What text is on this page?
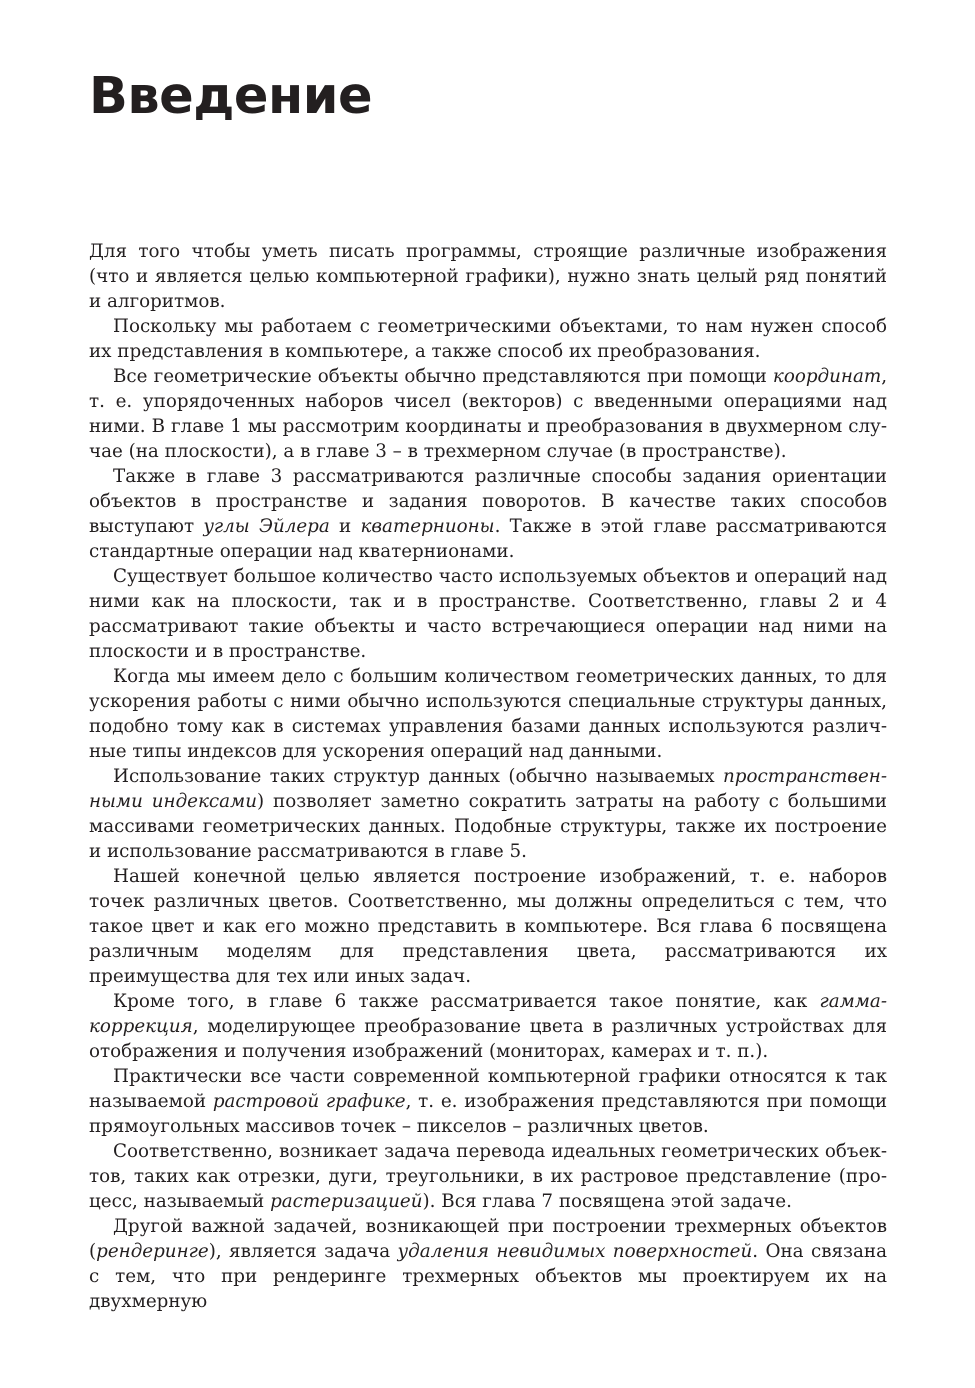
Введение

Для того чтобы уметь писать программы, строящие различные изображения (что и является целью компьютерной графики), нужно знать целый ряд понятий и алгоритмов.

Поскольку мы работаем с геометрическими объектами, то нам нужен способ их представления в компьютере, а также способ их преобразования.

Все геометрические объекты обычно представляются при помощи координат, т. е. упорядоченных наборов чисел (векторов) с введенными операциями над ними. В главе 1 мы рассмотрим координаты и преобразования в двухмерном случае (на плоскости), а в главе 3 – в трехмерном случае (в пространстве).

Также в главе 3 рассматриваются различные способы задания ориентации объектов в пространстве и задания поворотов. В качестве таких способов выступают углы Эйлера и кватернионы. Также в этой главе рассматриваются стандартные операции над кватернионами.

Существует большое количество часто используемых объектов и операций над ними как на плоскости, так и в пространстве. Соответственно, главы 2 и 4 рассматривают такие объекты и часто встречающиеся операции над ними на плоскости и в пространстве.

Когда мы имеем дело с большим количеством геометрических данных, то для ускорения работы с ними обычно используются специальные структуры данных, подобно тому как в системах управления базами данных используются различные типы индексов для ускорения операций над данными.

Использование таких структур данных (обычно называемых пространственными индексами) позволяет заметно сократить затраты на работу с большими массивами геометрических данных. Подобные структуры, также их построение и использование рассматриваются в главе 5.

Нашей конечной целью является построение изображений, т. е. наборов точек различных цветов. Соответственно, мы должны определиться с тем, что такое цвет и как его можно представить в компьютере. Вся глава 6 посвящена различным моделям для представления цвета, рассматриваются их преимущества для тех или иных задач.

Кроме того, в главе 6 также рассматривается такое понятие, как гамма-коррекция, моделирующее преобразование цвета в различных устройствах для отображения и получения изображений (мониторах, камерах и т. п.).

Практически все части современной компьютерной графики относятся к так называемой растровой графике, т. е. изображения представляются при помощи прямоугольных массивов точек – пикселов – различных цветов.

Соответственно, возникает задача перевода идеальных геометрических объектов, таких как отрезки, дуги, треугольники, в их растровое представление (процесс, называемый растеризацией). Вся глава 7 посвящена этой задаче.

Другой важной задачей, возникающей при построении трехмерных объектов (рендеринге), является задача удаления невидимых поверхностей. Она связана с тем, что при рендеринге трехмерных объектов мы проектируем их на двухмерную
